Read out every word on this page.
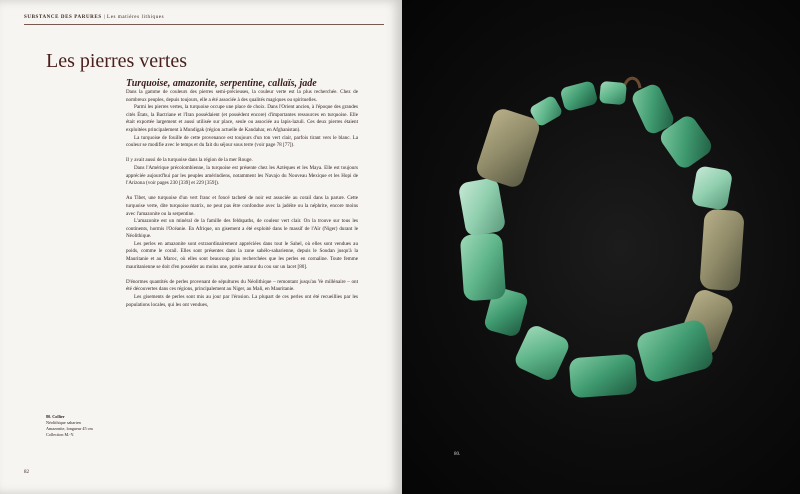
SUBSTANCE DES PARURES | Les matières lithiques
Les pierres vertes
Turquoise, amazonite, serpentine, callaïs, jade

Dans la gamme de couleurs des pierres semi-précieuses, la couleur verte est la plus recherchée. Chez de nombreux peuples, depuis toujours, elle a été associée à des qualités magiques ou spirituelles.

Parmi les pierres vertes, la turquoise occupe une place de choix. Dans l'Orient ancien, à l'époque des grandes cités États, la Bactriane et l'Iran possédaient (et possèdent encore) d'importantes ressources en turquoise. Elle était exportée largement et aussi utilisée sur place, seule ou associée au lapis-lazuli. Ces deux pierres étaient exploitées principalement à Mundigak (région actuelle de Kandahar, en Afghanistan).

La turquoise de fouille de cette provenance est toujours d'un ton vert clair, parfois tirant vers le blanc. La couleur se modifie avec le temps et du fait du séjour sous terre (voir page 78 [77]).

Il y avait aussi de la turquoise dans la région de la mer Rouge.

Dans l'Amérique précolombienne, la turquoise est présente chez les Aztèques et les Maya. Elle est toujours appréciée aujourd'hui par les peuples amérindiens, notamment les Navajo du Nouveau Mexique et les Hopi de l'Arizona (voir pages 230 [339] et 229 [359]).

Au Tibet, une turquoise d'un vert franc et foncé tacheté de noir est associée au corail dans la parure. Cette turquoise verte, dite turquoise matrix, ne peut pas être confondue avec la jadéite ou la néphrite, encore moins avec l'amazonite ou la serpentine.

L'amazonite est un minéral de la famille des feldspaths, de couleur vert clair. On la trouve sur tous les continents, hormis l'Océanie. En Afrique, un gisement a été exploité dans le massif de l'Aïr (Niger) durant le Néolithique.

Les perles en amazonite sont extraordinairement appréciées dans tout le Sahel, où elles sont vendues au poids, comme le corail. Elles sont présentes dans la zone sahélo-saharienne, depuis le Soudan jusqu'à la Mauritanie et au Maroc, où elles sont beaucoup plus recherchées que les perles en cornaline. Toute femme mauritanienne se doit d'en posséder au moins une, portée autour du cou sur un lacet [80].

D'énormes quantités de perles provenant de sépultures du Néolithique – remontant jusqu'au Ve millénaire – ont été découvertes dans ces régions, principalement au Niger, au Mali, en Mauritanie.

Les gisements de perles sont mis au jour par l'érosion. La plupart de ces perles ont été recueillies par les populations locales, qui les ont vendues,

80. Collier
Néolithique saharien
Amazonite, longueur 45 cm
Collection M.-Y.
82
80.
